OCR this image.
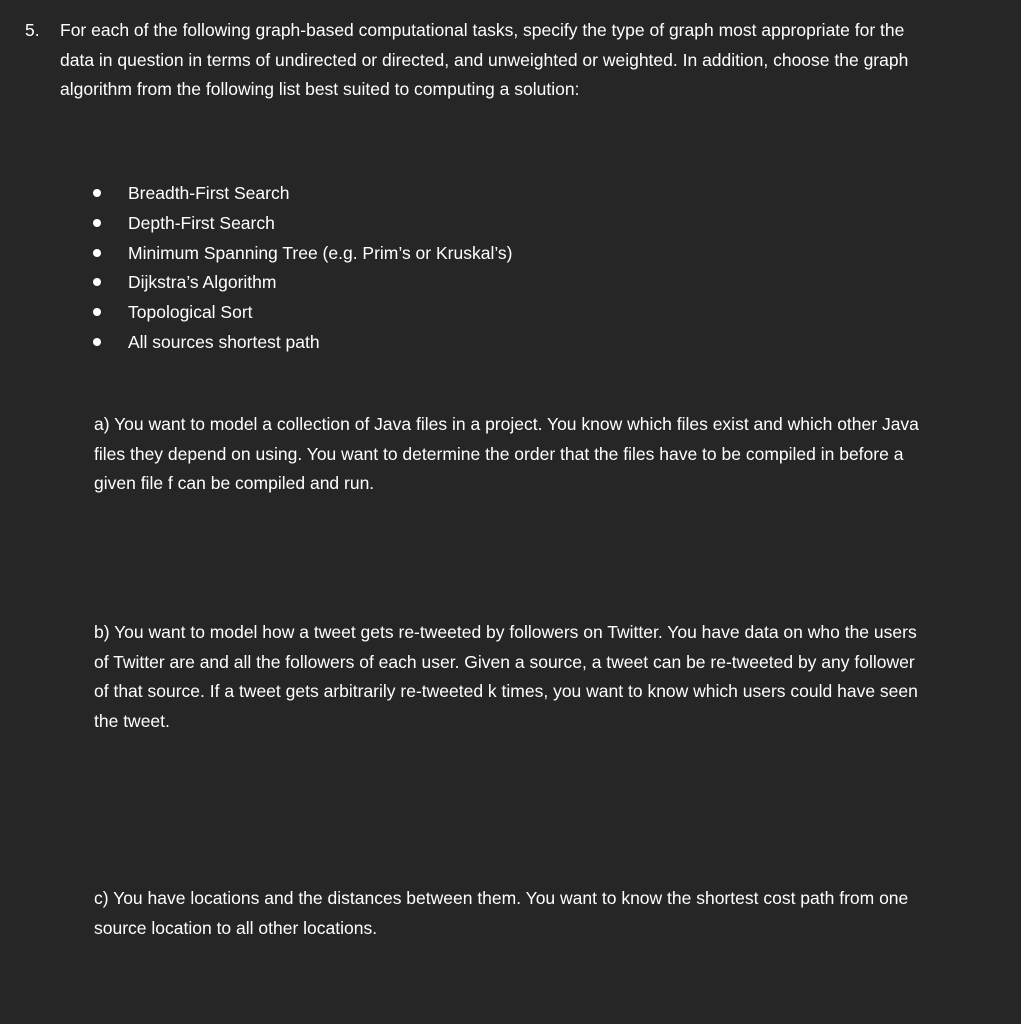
5. For each of the following graph-based computational tasks, specify the type of graph most appropriate for the data in question in terms of undirected or directed, and unweighted or weighted. In addition, choose the graph algorithm from the following list best suited to computing a solution:

Breadth-First Search
Depth-First Search
Minimum Spanning Tree (e.g. Prim’s or Kruskal’s)
Dijkstra’s Algorithm
Topological Sort
All sources shortest path

a) You want to model a collection of Java files in a project. You know which files exist and which other Java files they depend on using. You want to determine the order that the files have to be compiled in before a given file f can be compiled and run.

b) You want to model how a tweet gets re-tweeted by followers on Twitter. You have data on who the users of Twitter are and all the followers of each user. Given a source, a tweet can be re-tweeted by any follower of that source. If a tweet gets arbitrarily re-tweeted k times, you want to know which users could have seen the tweet.

c) You have locations and the distances between them. You want to know the shortest cost path from one source location to all other locations.
